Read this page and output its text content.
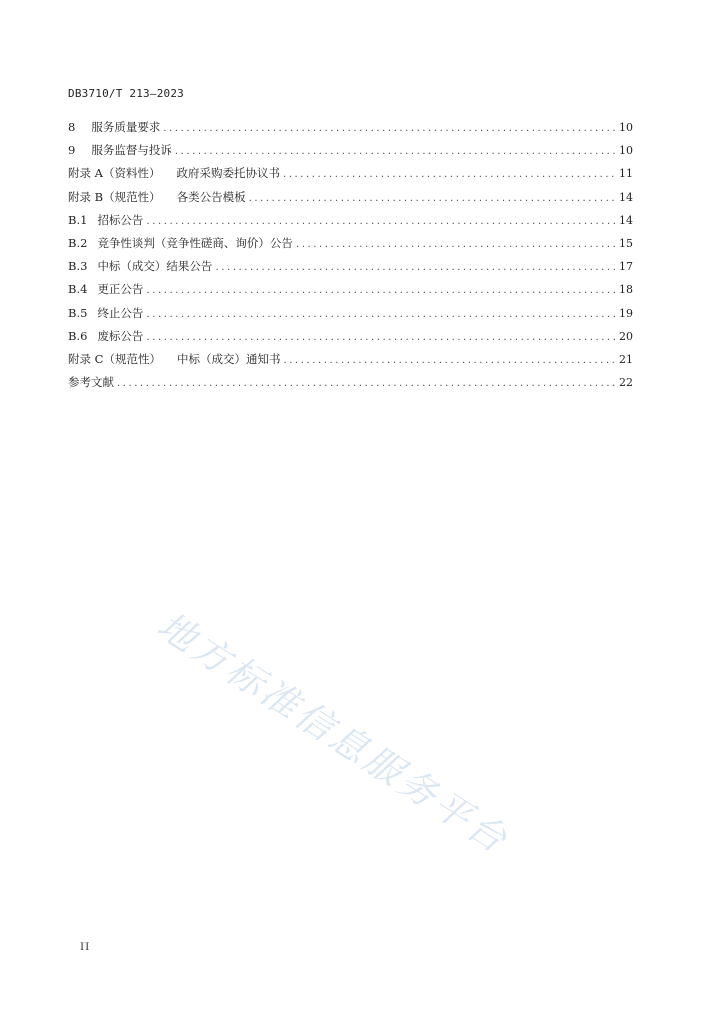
DB3710/T 213—2023
8 服务质量要求 . . .	10
9 服务监督与投诉 . . .	10
附录 A（资料性） 政府采购委托协议书 . . .	11
附录 B（规范性） 各类公告模板 . . .	14
B.1 招标公告 . . .	14
B.2 竞争性谈判（竞争性磋商、询价）公告 . . .	15
B.3 中标（成交）结果公告 . . .	17
B.4 更正公告 . . .	18
B.5 终止公告 . . .	19
B.6 废标公告 . . .	20
附录 C（规范性） 中标（成交）通知书 . . .	21
参考文献 . . .	22
地方标准信息服务平台
II
